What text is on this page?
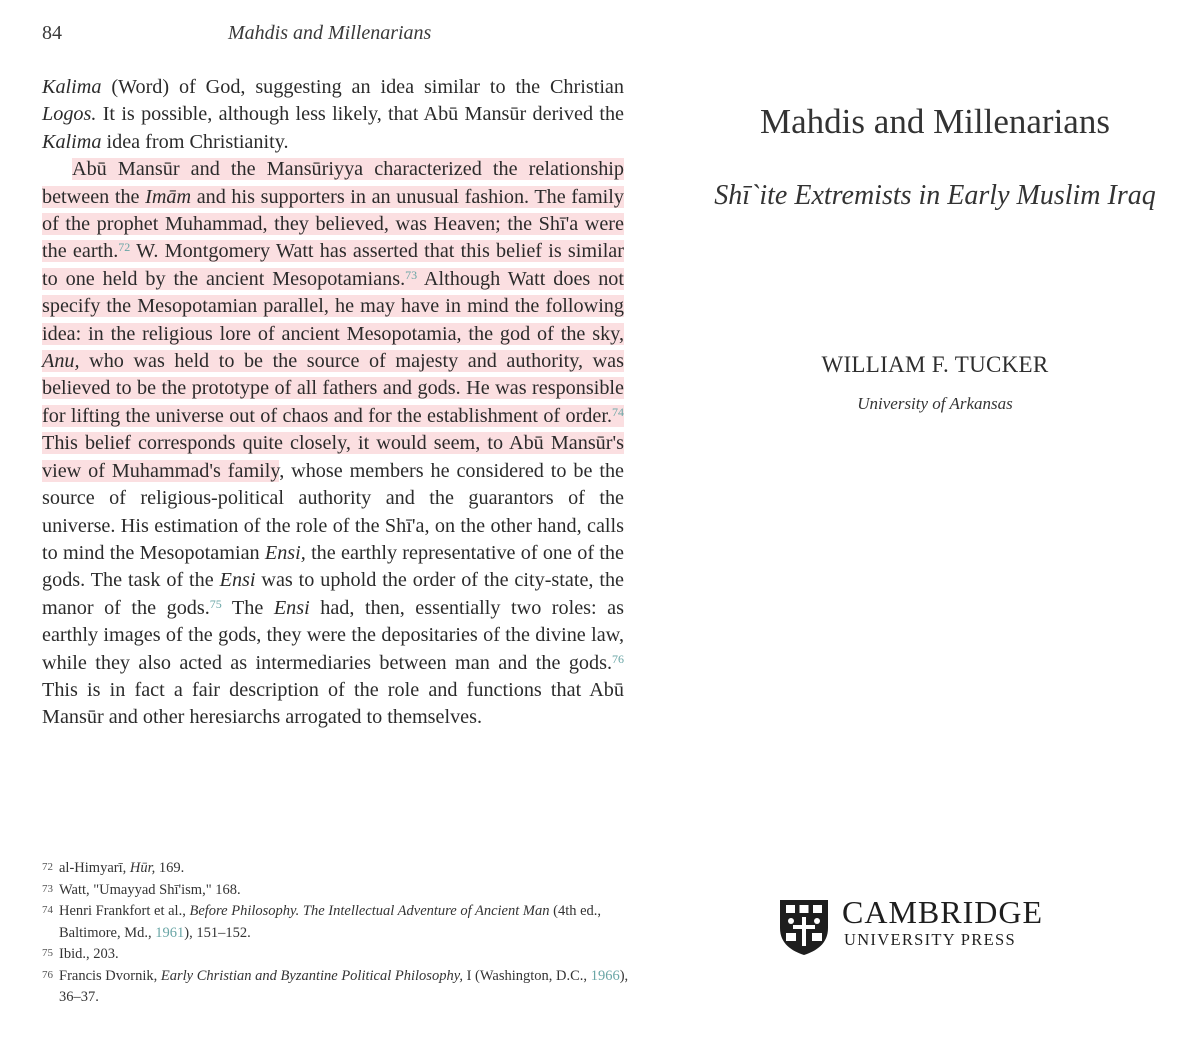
84	Mahdis and Millenarians

Kalima (Word) of God, suggesting an idea similar to the Christian Logos. It is possible, although less likely, that Abū Mansūr derived the Kalima idea from Christianity.

Abū Mansūr and the Mansūriyya characterized the relationship between the Imām and his supporters in an unusual fashion. The family of the prophet Muhammad, they believed, was Heaven; the Shī'a were the earth.$^{72}$ W. Montgomery Watt has asserted that this belief is similar to one held by the ancient Mesopotamians.$^{73}$ Although Watt does not specify the Mesopotamian parallel, he may have in mind the following idea: in the religious lore of ancient Mesopotamia, the god of the sky, Anu, who was held to be the source of majesty and authority, was believed to be the prototype of all fathers and gods. He was responsible for lifting the universe out of chaos and for the establishment of order.$^{74}$ This belief corresponds quite closely, it would seem, to Abū Mansūr's view of Muhammad's family, whose members he considered to be the source of religious-political authority and the guarantors of the universe. His estimation of the role of the Shī'a, on the other hand, calls to mind the Mesopotamian Ensi, the earthly representative of one of the gods. The task of the Ensi was to uphold the order of the city-state, the manor of the gods.$^{75}$ The Ensi had, then, essentially two roles: as earthly images of the gods, they were the depositaries of the divine law, while they also acted as intermediaries between man and the gods.$^{76}$ This is in fact a fair description of the role and functions that Abū Mansūr and other heresiarchs arrogated to themselves.

72 al-Himyarī, Hūr, 169.
73 Watt, "Umayyad Shī'ism," 168.
74 Henri Frankfort et al., Before Philosophy. The Intellectual Adventure of Ancient Man (4th ed., Baltimore, Md., 1961), 151–152.
75 Ibid., 203.
76 Francis Dvornik, Early Christian and Byzantine Political Philosophy, I (Washington, D.C., 1966), 36–37.
Mahdis and Millenarians
Shī`ite Extremists in Early Muslim Iraq
WILLIAM F. TUCKER
University of Arkansas
CAMBRIDGE
UNIVERSITY PRESS
